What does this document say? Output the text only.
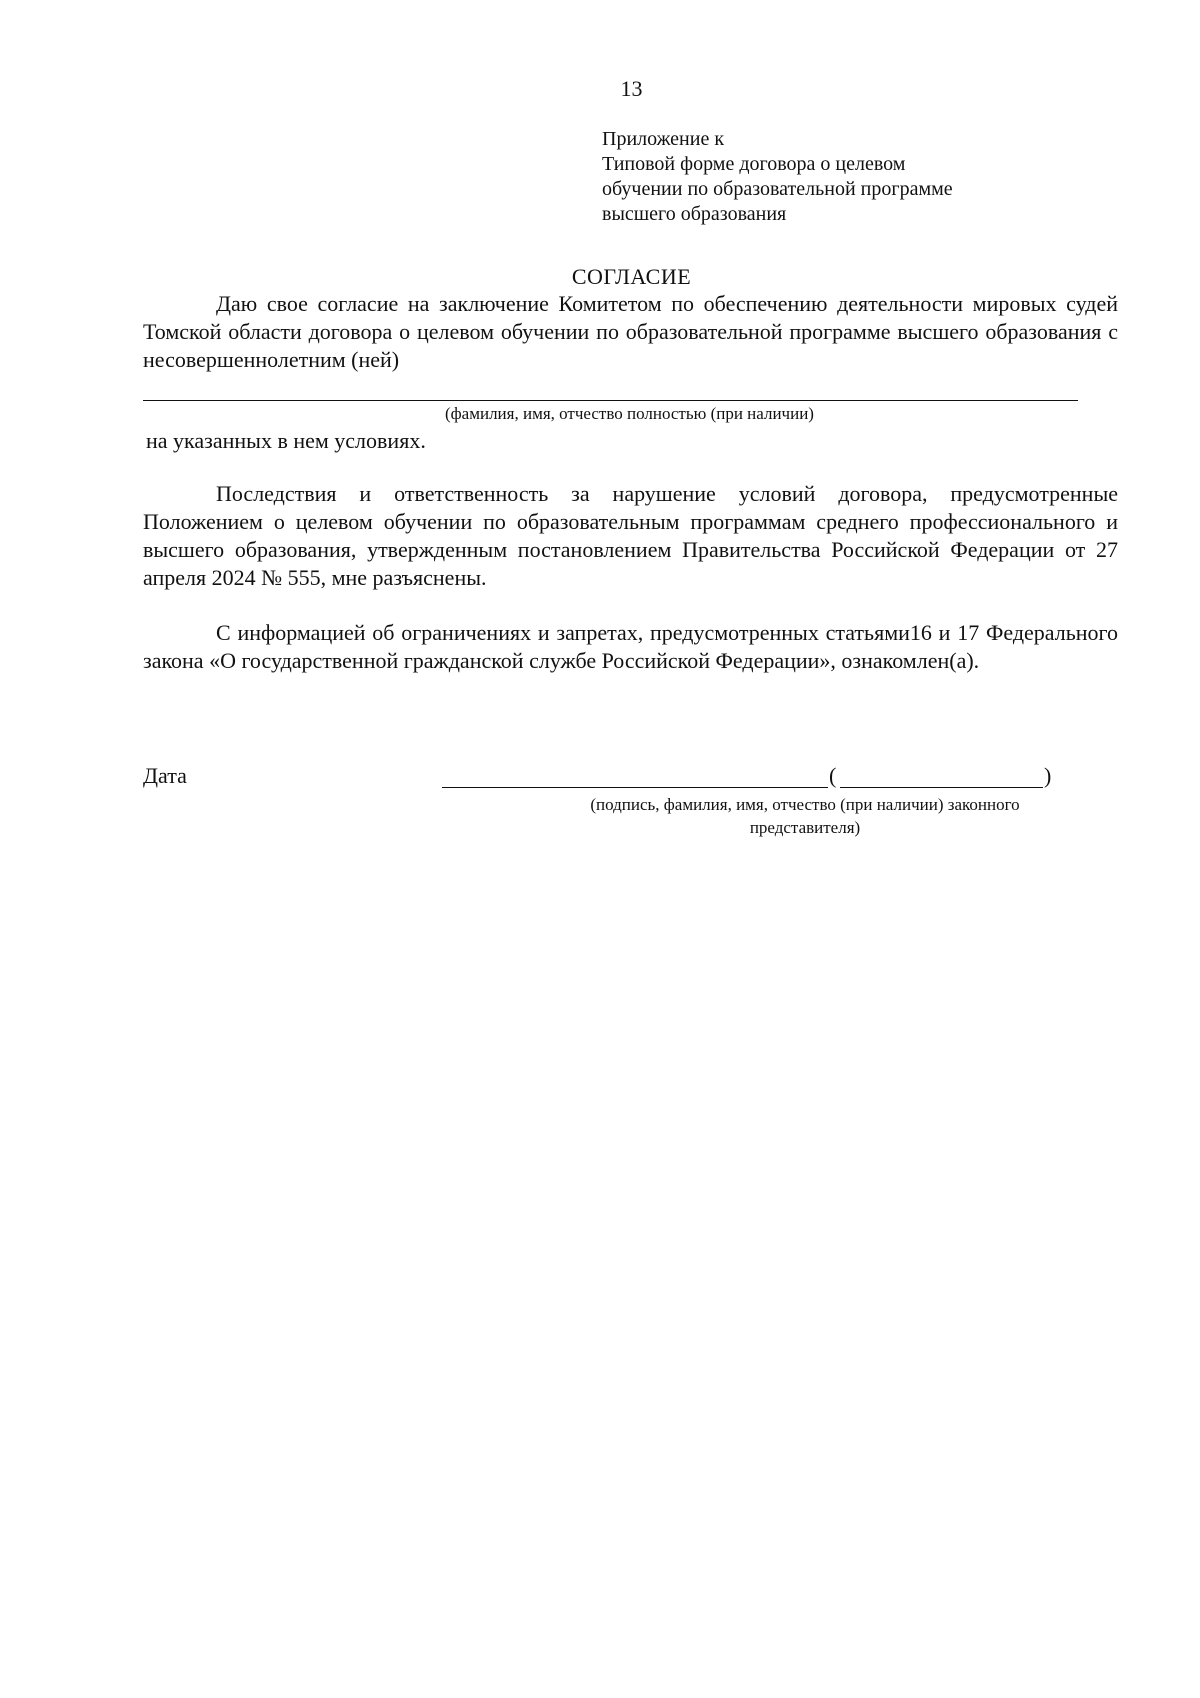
13
Приложение к
Типовой форме договора о целевом
обучении по образовательной программе
высшего образования
СОГЛАСИЕ
Даю свое согласие на заключение Комитетом по обеспечению деятельности мировых судей Томской области договора о целевом обучении по образовательной программе высшего образования с несовершеннолетним (ней)
(фамилия, имя, отчество полностью (при наличии)
на указанных в нем условиях.
Последствия и ответственность за нарушение условий договора, предусмотренные Положением о целевом обучении по образовательным программам среднего профессионального и высшего образования, утвержденным постановлением Правительства Российской Федерации от 27 апреля 2024 № 555, мне разъяснены.
С информацией об ограничениях и запретах, предусмотренных статьями16 и 17 Федерального закона «О государственной гражданской службе Российской Федерации», ознакомлен(а).
Дата	(	)
(подпись, фамилия, имя, отчество (при наличии) законного
представителя)
